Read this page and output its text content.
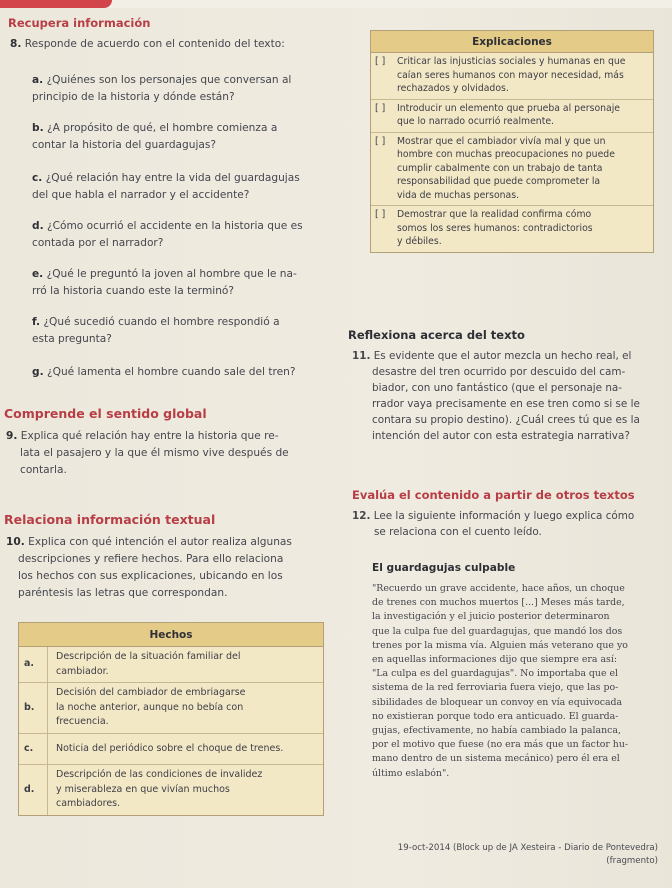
Recupera información
8. Responde de acuerdo con el contenido del texto:
a. ¿Quiénes son los personajes que conversan al
principio de la historia y dónde están?
b. ¿A propósito de qué, el hombre comienza a
contar la historia del guardagujas?
c. ¿Qué relación hay entre la vida del guardagujas
del que habla el narrador y el accidente?
d. ¿Cómo ocurrió el accidente en la historia que es
contada por el narrador?
e. ¿Qué le preguntó la joven al hombre que le na-
rró la historia cuando este la terminó?
f. ¿Qué sucedió cuando el hombre respondió a
esta pregunta?
g. ¿Qué lamenta el hombre cuando sale del tren?
Comprende el sentido global
9. Explica qué relación hay entre la historia que re-
lata el pasajero y la que él mismo vive después de
contarla.
Relaciona información textual
10. Explica con qué intención el autor realiza algunas
descripciones y refiere hechos. Para ello relaciona
los hechos con sus explicaciones, ubicando en los
paréntesis las letras que correspondan.
Hechos
a.
Descripción de la situación familiar del
cambiador.
b.
Decisión del cambiador de embriagarse
la noche anterior, aunque no bebía con
frecuencia.
c.	Noticia del periódico sobre el choque de trenes.
d.
Descripción de las condiciones de invalidez
y miserableza en que vivían muchos
cambiadores.
Explicaciones
[ ] Criticar las injusticias sociales y humanas en que
caían seres humanos con mayor necesidad, más
rechazados y olvidados.
[ ] Introducir un elemento que prueba al personaje
que lo narrado ocurrió realmente.
[ ] Mostrar que el cambiador vivía mal y que un
hombre con muchas preocupaciones no puede
cumplir cabalmente con un trabajo de tanta
responsabilidad que puede comprometer la
vida de muchas personas.
[ ] Demostrar que la realidad confirma cómo
somos los seres humanos: contradictorios
y débiles.
Reflexiona acerca del texto
11. Es evidente que el autor mezcla un hecho real, el
desastre del tren ocurrido por descuido del cam-
biador, con uno fantástico (que el personaje na-
rrador vaya precisamente en ese tren como si se le
contara su propio destino). ¿Cuál crees tú que es la
intención del autor con esta estrategia narrativa?
Evalúa el contenido a partir de otros textos
12. Lee la siguiente información y luego explica cómo
se relaciona con el cuento leído.
El guardagujas culpable
"Recuerdo un grave accidente, hace años, un choque
de trenes con muchos muertos [...] Meses más tarde,
la investigación y el juicio posterior determinaron
que la culpa fue del guardagujas, que mandó los dos
trenes por la misma vía. Alguien más veterano que yo
en aquellas informaciones dijo que siempre era así:
"La culpa es del guardagujas". No importaba que el
sistema de la red ferroviaria fuera viejo, que las po-
sibilidades de bloquear un convoy en vía equivocada
no existieran porque todo era anticuado. El guarda-
gujas, efectivamente, no había cambiado la palanca,
por el motivo que fuese (no era más que un factor hu-
mano dentro de un sistema mecánico) pero él era el
último eslabón".
19-oct-2014 (Block up de JA Xesteira - Diario de Pontevedra)
(fragmento)
